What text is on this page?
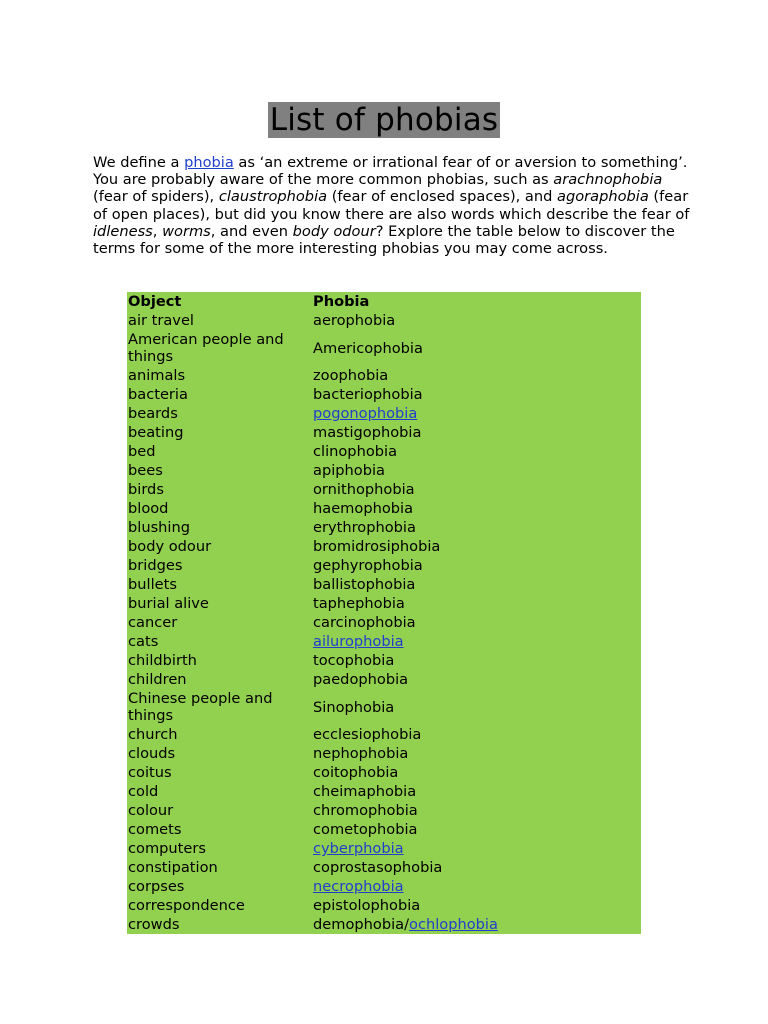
List of phobias

We define a phobia as ‘an extreme or irrational fear of or aversion to something’. You are probably aware of the more common phobias, such as arachnophobia (fear of spiders), claustrophobia (fear of enclosed spaces), and agoraphobia (fear of open places), but did you know there are also words which describe the fear of idleness, worms, and even body odour? Explore the table below to discover the terms for some of the more interesting phobias you may come across.

Object	Phobia
air travel	aerophobia
American people and things	Americophobia
animals	zoophobia
bacteria	bacteriophobia
beards	pogonophobia
beating	mastigophobia
bed	clinophobia
bees	apiphobia
birds	ornithophobia
blood	haemophobia
blushing	erythrophobia
body odour	bromidrosiphobia
bridges	gephyrophobia
bullets	ballistophobia
burial alive	taphephobia
cancer	carcinophobia
cats	ailurophobia
childbirth	tocophobia
children	paedophobia
Chinese people and things	Sinophobia
church	ecclesiophobia
clouds	nephophobia
coitus	coitophobia
cold	cheimaphobia
colour	chromophobia
comets	cometophobia
computers	cyberphobia
constipation	coprostasophobia
corpses	necrophobia
correspondence	epistolophobia
crowds	demophobia/ochlophobia
